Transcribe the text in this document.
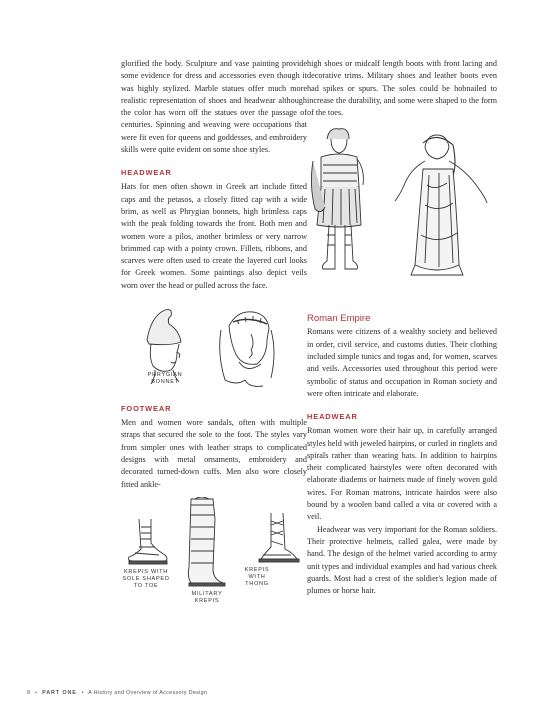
glorified the body. Sculpture and vase painting provide some evidence for dress and accessories even though it was highly stylized. Marble statues offer much more realistic representation of shoes and headwear although the color has worn off the statues over the passage of centuries. Spinning and weaving were occupations that were fit even for queens and goddesses, and embroidery skills were quite evident on some shoe styles.

HEADWEAR

Hats for men often shown in Greek art include fitted caps and the petasos, a closely fitted cap with a wide brim, as well as Phrygian bonnets, high brimless caps with the peak folding towards the front. Both men and women wore a pilos, another brimless or very narrow brimmed cap with a pointy crown. Fillets, ribbons, and scarves were often used to create the layered curl looks for Greek women. Some paintings also depict veils worn over the head or pulled across the face.

PHRYGIAN
BONNET
FOOTWEAR

Men and women wore sandals, often with multiple straps that secured the sole to the foot. The styles vary from simpler ones with leather straps to complicated designs with metal ornaments, embroidery and decorated turned-down cuffs. Men also wore closely fitted ankle-

KREPIS WITH
SOLE SHAPED
TO TOE
MILITARY
KREPIS
KREPIS
WITH
THONG

high shoes or midcalf length boots with front lacing and decorative trims. Military shoes and leather boots even had spikes or spurs. The soles could be hobnailed to increase the durability, and some were shaped to the form of the toes.

Roman Empire

Romans were citizens of a wealthy society and believed in order, civil service, and customs duties. Their clothing included simple tunics and togas and, for women, scarves and veils. Accessories used throughout this period were symbolic of status and occupation in Roman society and were often intricate and elaborate.

HEADWEAR

Roman women wore their hair up, in carefully arranged styles held with jeweled hairpins, or curled in ringlets and spirals rather than wearing hats. In addition to hairpins their complicated hairstyles were often decorated with elaborate diadems or hairnets made of finely woven gold wires. For Roman matrons, intricate hairdos were also bound by a woolen band called a vita or covered with a veil.

Headwear was very important for the Roman soldiers. Their protective helmets, called galea, were made by hand. The design of the helmet varied according to army unit types and individual examples and had various cheek guards. Most had a crest of the soldier's legion made of plumes or horse hair.

8 • PART ONE • A History and Overview of Accessory Design
